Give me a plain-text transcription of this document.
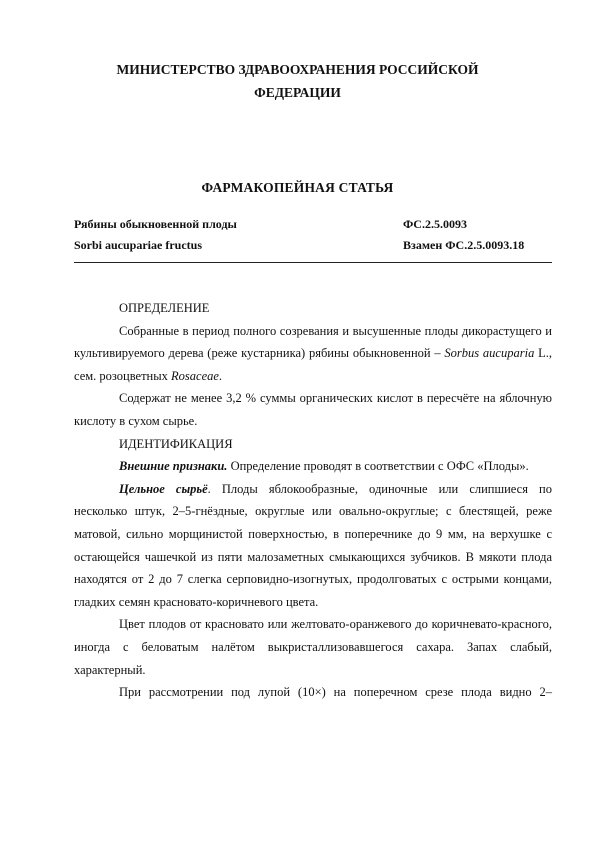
МИНИСТЕРСТВО ЗДРАВООХРАНЕНИЯ РОССИЙСКОЙ
ФЕДЕРАЦИИ
ФАРМАКОПЕЙНАЯ СТАТЬЯ
Рябины обыкновенной плоды	ФС.2.5.0093
Sorbi aucupariae fructus	Взамен ФС.2.5.0093.18

ОПРЕДЕЛЕНИЕ

Собранные в период полного созревания и высушенные плоды дикорастущего и культивируемого дерева (реже кустарника) рябины обыкновенной – Sorbus aucuparia L., сем. розоцветных Rosaceae.

Содержат не менее 3,2 % суммы органических кислот в пересчёте на яблочную кислоту в сухом сырье.

ИДЕНТИФИКАЦИЯ

Внешние признаки. Определение проводят в соответствии с ОФС «Плоды».

Цельное сырьё. Плоды яблокообразные, одиночные или слипшиеся по несколько штук, 2–5-гнёздные, округлые или овально-округлые; с блестящей, реже матовой, сильно морщинистой поверхностью, в поперечнике до 9 мм, на верхушке с остающейся чашечкой из пяти малозаметных смыкающихся зубчиков. В мякоти плода находятся от 2 до 7 слегка серповидно-изогнутых, продолговатых с острыми концами, гладких семян красновато-коричневого цвета.

Цвет плодов от красновато или желтовато-оранжевого до коричневато-красного, иногда с беловатым налётом выкристаллизовавшегося сахара. Запах слабый, характерный.

При рассмотрении под лупой (10×) на поперечном срезе плода видно 2–
